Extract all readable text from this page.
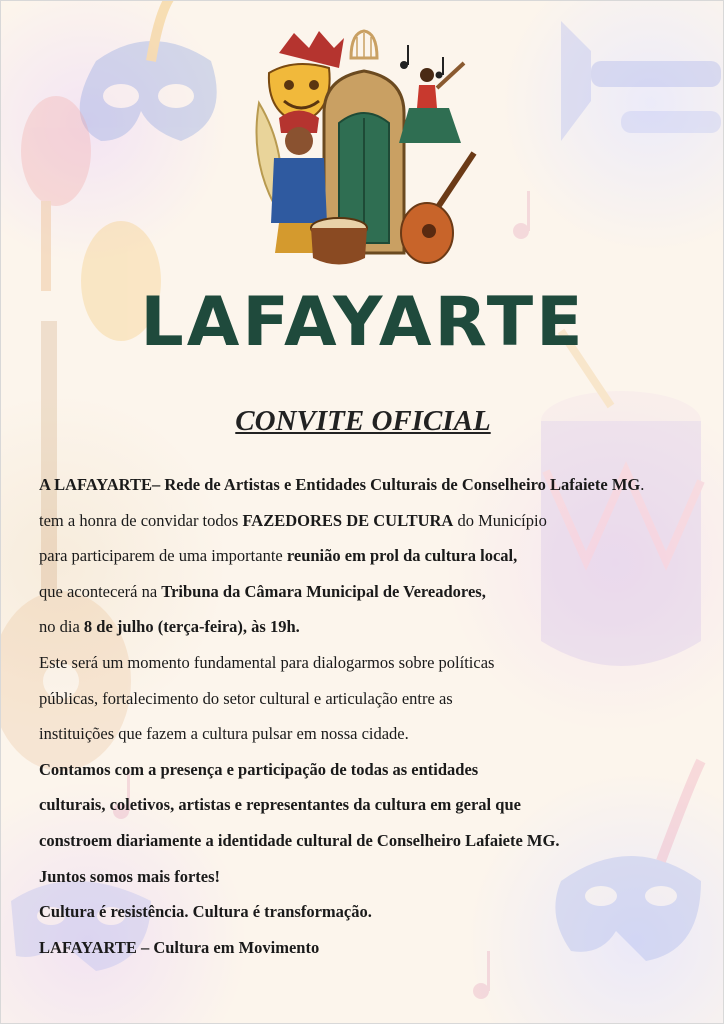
LAFAYARTE
CONVITE OFICIAL
A LAFAYARTE– Rede de Artistas e Entidades Culturais de Conselheiro Lafaiete MG.
tem a honra de convidar todos FAZEDORES DE CULTURA do Município
para participarem de uma importante reunião em prol da cultura local,
que acontecerá na Tribuna da Câmara Municipal de Vereadores,
no dia 8 de julho (terça-feira), às 19h.
Este será um momento fundamental para dialogarmos sobre políticas
públicas, fortalecimento do setor cultural e articulação entre as
instituições que fazem a cultura pulsar em nossa cidade.
Contamos com a presença e participação de todas as entidades
culturais, coletivos, artistas e representantes da cultura em geral que
constroem diariamente a identidade cultural de Conselheiro Lafaiete MG.
Juntos somos mais fortes!
Cultura é resistência. Cultura é transformação.
LAFAYARTE – Cultura em Movimento
